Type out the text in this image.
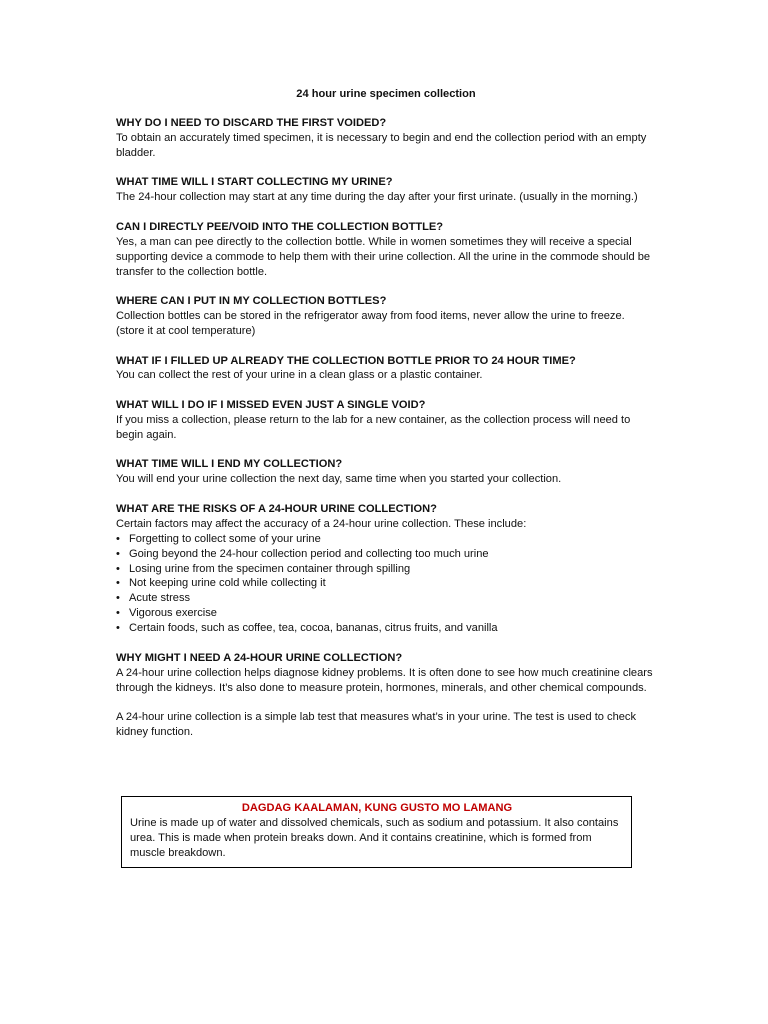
24 hour urine specimen collection

WHY DO I NEED TO DISCARD THE FIRST VOIDED?

To obtain an accurately timed specimen, it is necessary to begin and end the collection period with an empty bladder.

WHAT TIME WILL I START COLLECTING MY URINE?

The 24-hour collection may start at any time during the day after your first urinate. (usually in the morning.)

CAN I DIRECTLY PEE/VOID INTO THE COLLECTION BOTTLE?

Yes, a man can pee directly to the collection bottle. While in women sometimes they will receive a special supporting device a commode to help them with their urine collection. All the urine in the commode should be transfer to the collection bottle.

WHERE CAN I PUT IN MY COLLECTION BOTTLES?

Collection bottles can be stored in the refrigerator away from food items, never allow the urine to freeze. (store it at cool temperature)

WHAT IF I FILLED UP ALREADY THE COLLECTION BOTTLE PRIOR TO 24 HOUR TIME?

You can collect the rest of your urine in a clean glass or a plastic container.

WHAT WILL I DO IF I MISSED EVEN JUST A SINGLE VOID?

If you miss a collection, please return to the lab for a new container, as the collection process will need to begin again.

WHAT TIME WILL I END MY COLLECTION?

You will end your urine collection the next day, same time when you started your collection.

WHAT ARE THE RISKS OF A 24-HOUR URINE COLLECTION?

Certain factors may affect the accuracy of a 24-hour urine collection. These include:

• Forgetting to collect some of your urine
• Going beyond the 24-hour collection period and collecting too much urine
• Losing urine from the specimen container through spilling
• Not keeping urine cold while collecting it
• Acute stress
• Vigorous exercise
• Certain foods, such as coffee, tea, cocoa, bananas, citrus fruits, and vanilla

WHY MIGHT I NEED A 24-HOUR URINE COLLECTION?

A 24-hour urine collection helps diagnose kidney problems. It is often done to see how much creatinine clears through the kidneys. It’s also done to measure protein, hormones, minerals, and other chemical compounds.

A 24-hour urine collection is a simple lab test that measures what’s in your urine. The test is used to check kidney function.

DAGDAG KAALAMAN, KUNG GUSTO MO LAMANG

Urine is made up of water and dissolved chemicals, such as sodium and potassium. It also contains urea. This is made when protein breaks down. And it contains creatinine, which is formed from muscle breakdown.
